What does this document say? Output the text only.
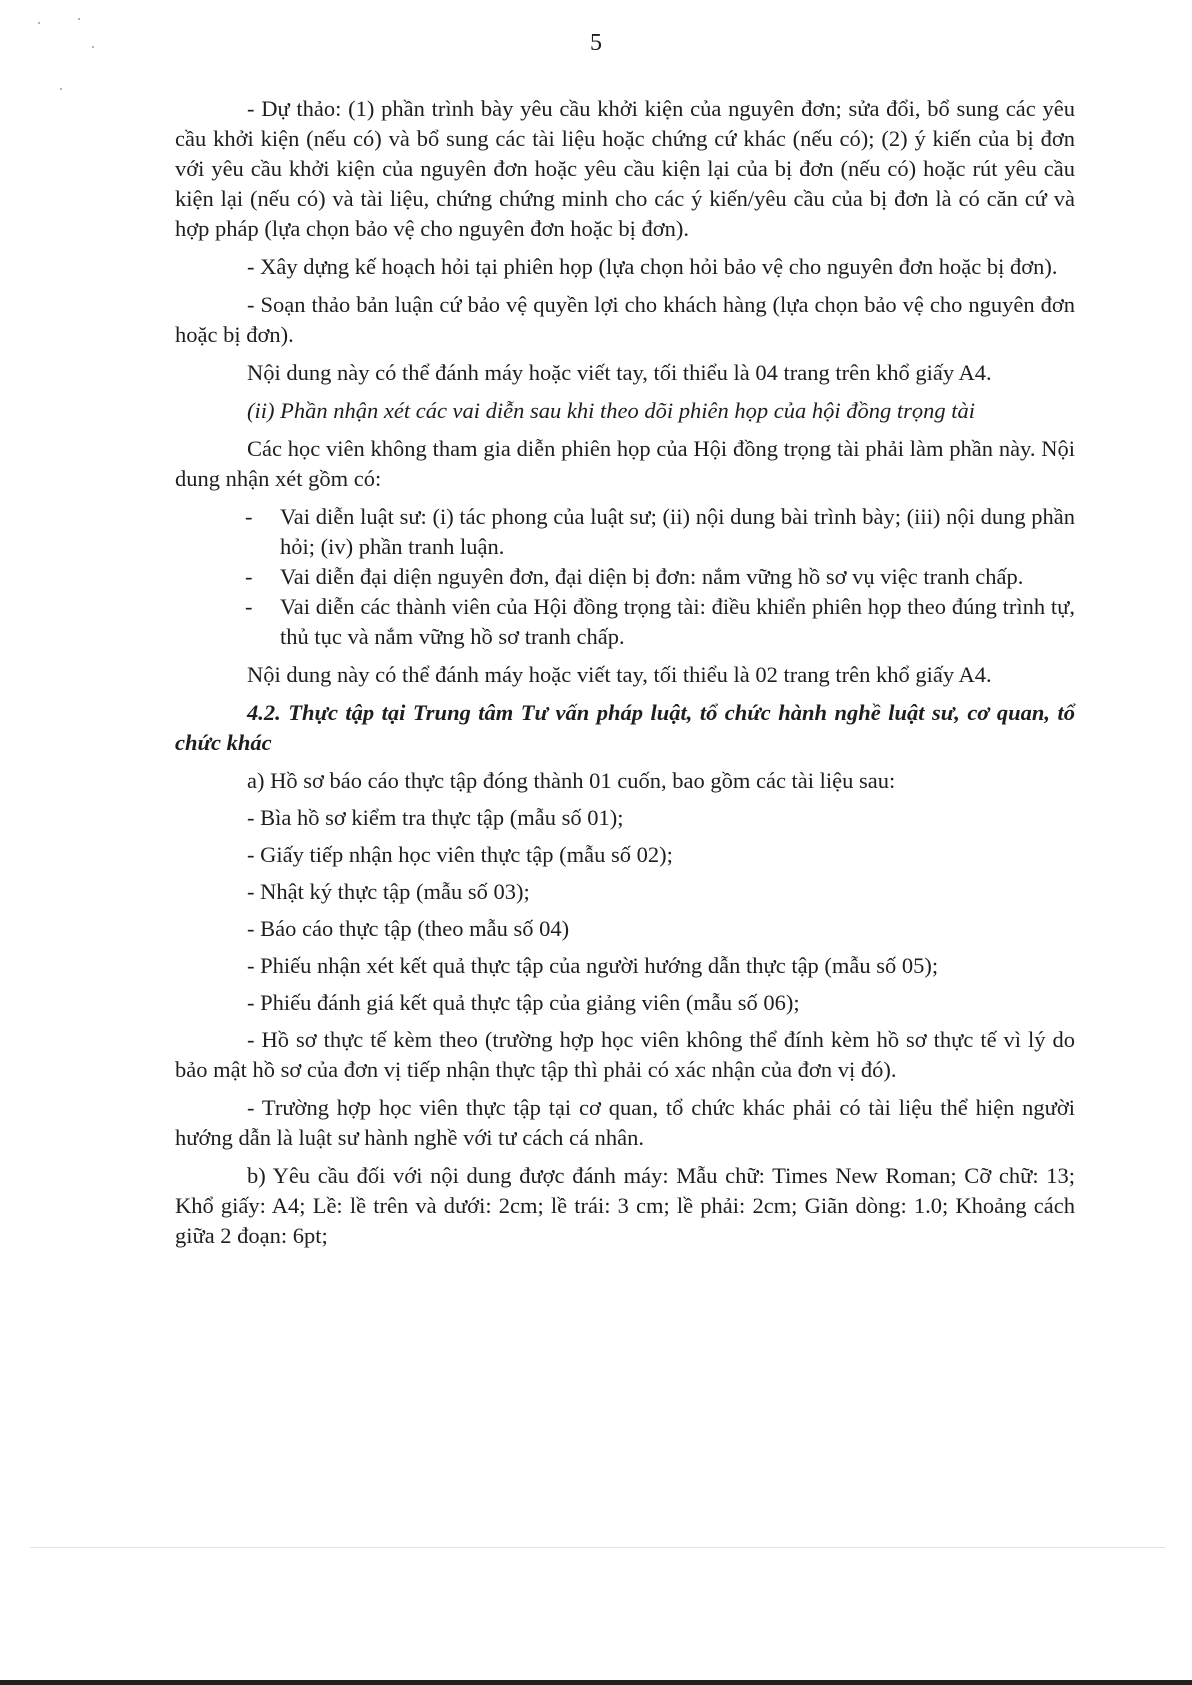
5

- Dự thảo: (1) phần trình bày yêu cầu khởi kiện của nguyên đơn; sửa đổi, bổ sung các yêu cầu khởi kiện (nếu có) và bổ sung các tài liệu hoặc chứng cứ khác (nếu có); (2) ý kiến của bị đơn với yêu cầu khởi kiện của nguyên đơn hoặc yêu cầu kiện lại của bị đơn (nếu có) hoặc rút yêu cầu kiện lại (nếu có) và tài liệu, chứng chứng minh cho các ý kiến/yêu cầu của bị đơn là có căn cứ và hợp pháp (lựa chọn bảo vệ cho nguyên đơn hoặc bị đơn).

- Xây dựng kế hoạch hỏi tại phiên họp (lựa chọn hỏi bảo vệ cho nguyên đơn hoặc bị đơn).

- Soạn thảo bản luận cứ bảo vệ quyền lợi cho khách hàng (lựa chọn bảo vệ cho nguyên đơn hoặc bị đơn).

Nội dung này có thể đánh máy hoặc viết tay, tối thiểu là 04 trang trên khổ giấy A4.

(ii) Phần nhận xét các vai diễn sau khi theo dõi phiên họp của hội đồng trọng tài

Các học viên không tham gia diễn phiên họp của Hội đồng trọng tài phải làm phần này. Nội dung nhận xét gồm có:

-	Vai diễn luật sư: (i) tác phong của luật sư; (ii) nội dung bài trình bày; (iii) nội dung phần hỏi; (iv) phần tranh luận.
-	Vai diễn đại diện nguyên đơn, đại diện bị đơn: nắm vững hồ sơ vụ việc tranh chấp.
-	Vai diễn các thành viên của Hội đồng trọng tài: điều khiển phiên họp theo đúng trình tự, thủ tục và nắm vững hồ sơ tranh chấp.

Nội dung này có thể đánh máy hoặc viết tay, tối thiểu là 02 trang trên khổ giấy A4.

4.2. Thực tập tại Trung tâm Tư vấn pháp luật, tổ chức hành nghề luật sư, cơ quan, tổ chức khác

a) Hồ sơ báo cáo thực tập đóng thành 01 cuốn, bao gồm các tài liệu sau:

- Bìa hồ sơ kiểm tra thực tập (mẫu số 01);
- Giấy tiếp nhận học viên thực tập (mẫu số 02);
- Nhật ký thực tập (mẫu số 03);
- Báo cáo thực tập (theo mẫu số 04)
- Phiếu nhận xét kết quả thực tập của người hướng dẫn thực tập (mẫu số 05);
- Phiếu đánh giá kết quả thực tập của giảng viên (mẫu số 06);

- Hồ sơ thực tế kèm theo (trường hợp học viên không thể đính kèm hồ sơ thực tế vì lý do bảo mật hồ sơ của đơn vị tiếp nhận thực tập thì phải có xác nhận của đơn vị đó).

- Trường hợp học viên thực tập tại cơ quan, tổ chức khác phải có tài liệu thể hiện người hướng dẫn là luật sư hành nghề với tư cách cá nhân.

b) Yêu cầu đối với nội dung được đánh máy: Mẫu chữ: Times New Roman; Cỡ chữ: 13; Khổ giấy: A4; Lề: lề trên và dưới: 2cm; lề trái: 3 cm; lề phải: 2cm; Giãn dòng: 1.0; Khoảng cách giữa 2 đoạn: 6pt;
